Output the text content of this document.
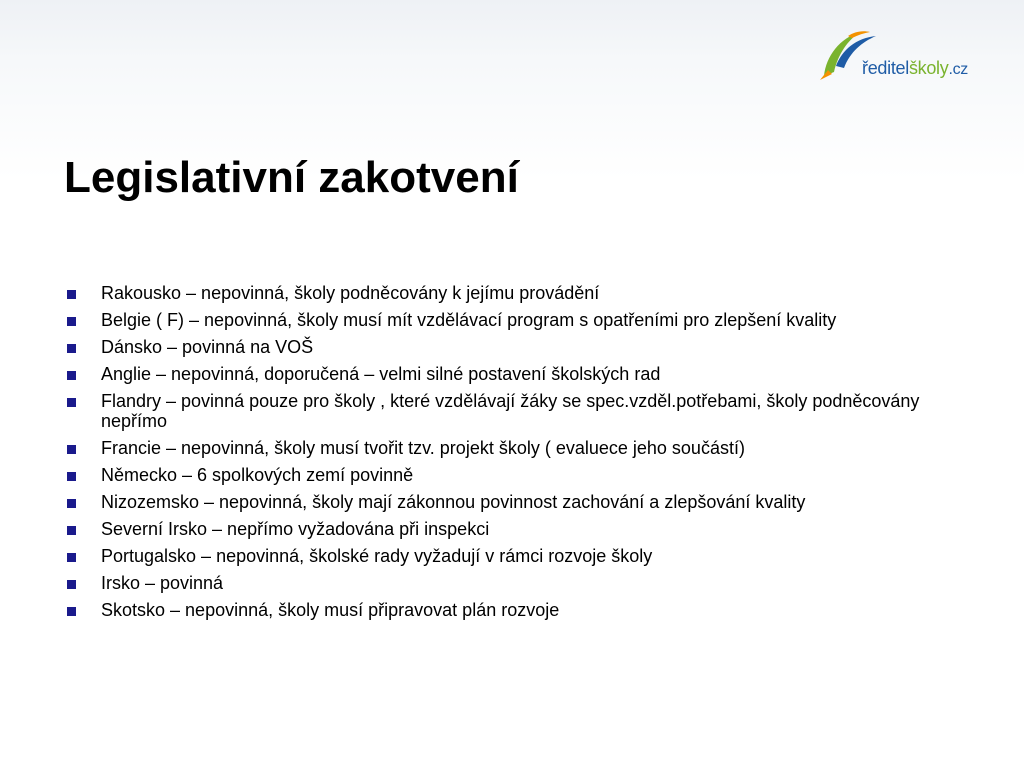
ředitelškoly.cz
Legislativní zakotvení
Rakousko – nepovinná, školy podněcovány k jejímu provádění
Belgie ( F) – nepovinná, školy musí mít vzdělávací program s opatřeními pro zlepšení kvality
Dánsko – povinná na VOŠ
Anglie – nepovinná, doporučená – velmi silné postavení školských rad
Flandry – povinná pouze pro školy , které vzdělávají žáky se spec.vzděl.potřebami, školy podněcovány nepřímo
Francie – nepovinná, školy musí tvořit tzv. projekt školy ( evaluece jeho součástí)
Německo – 6 spolkových zemí povinně
Nizozemsko – nepovinná, školy mají zákonnou povinnost zachování a zlepšování kvality
Severní Irsko – nepřímo vyžadována při inspekci
Portugalsko – nepovinná, školské rady vyžadují v rámci rozvoje školy
Irsko – povinná
Skotsko – nepovinná, školy musí připravovat plán rozvoje
